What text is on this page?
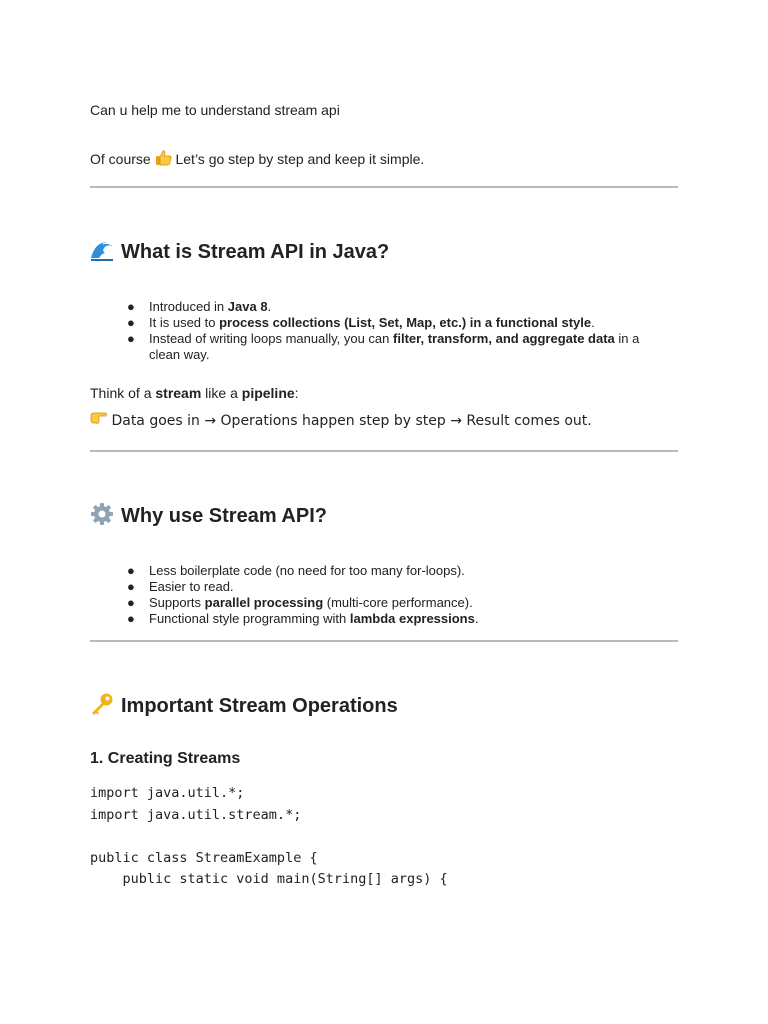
Can u help me to understand stream api
Of course Let’s go step by step and keep it simple.
What is Stream API in Java?
● Introduced in Java 8.
● It is used to process collections (List, Set, Map, etc.) in a functional style.
● Instead of writing loops manually, you can filter, transform, and aggregate data in a
clean way.
Think of a stream like a pipeline:
Data goes in → Operations happen step by step → Result comes out.
Why use Stream API?
● Less boilerplate code (no need for too many for-loops).
● Easier to read.
● Supports parallel processing (multi-core performance).
● Functional style programming with lambda expressions.
Important Stream Operations
1. Creating Streams
import java.util.*;
import java.util.stream.*;

public class StreamExample {
public static void main(String[] args) {
